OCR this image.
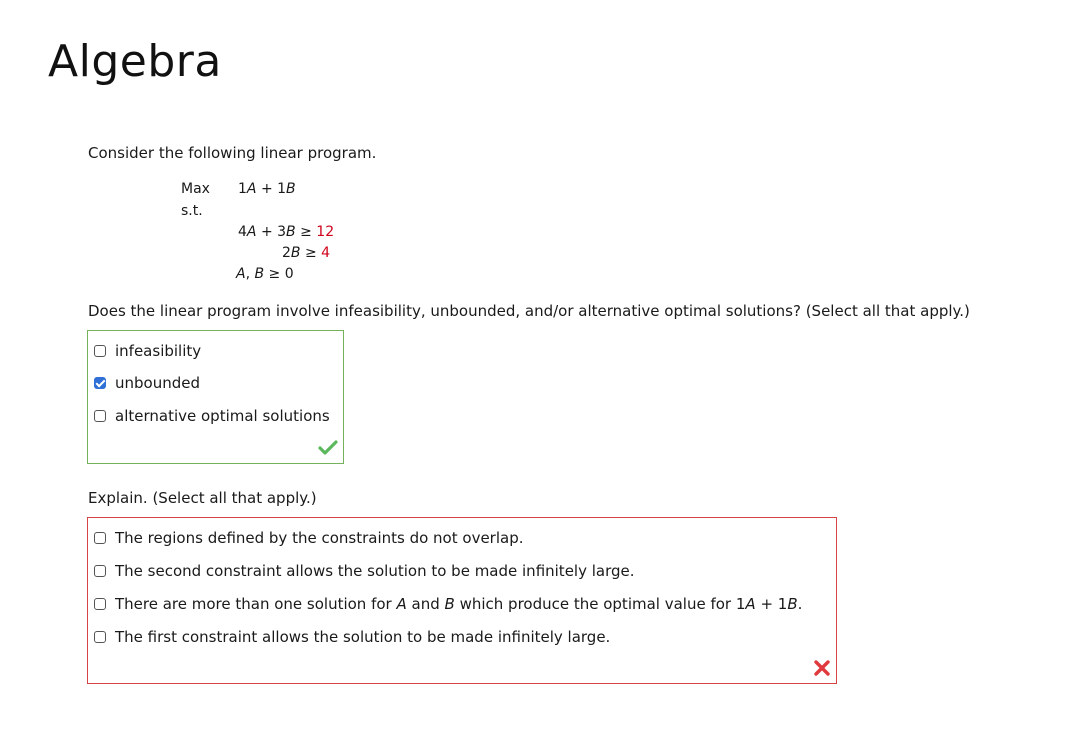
Algebra
Consider the following linear program.
Max 1A + 1B
s.t.
4A + 3B ≥ 12
2B ≥ 4
A, B ≥ 0
Does the linear program involve infeasibility, unbounded, and/or alternative optimal solutions? (Select all that apply.)
infeasibility
unbounded
alternative optimal solutions
Explain. (Select all that apply.)
The regions defined by the constraints do not overlap.
The second constraint allows the solution to be made infinitely large.
There are more than one solution for A and B which produce the optimal value for 1A + 1B.
The first constraint allows the solution to be made infinitely large.
